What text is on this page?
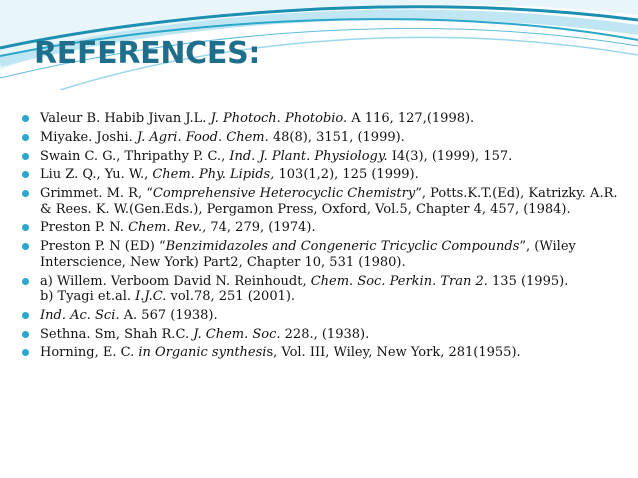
REFERENCES:
Valeur B. Habib Jivan J.L. J. Photoch. Photobio. A 116, 127,(1998).
Miyake. Joshi. J. Agri. Food. Chem. 48(8), 3151, (1999).
Swain C. G., Thripathy P. C., Ind. J. Plant. Physiology. I4(3), (1999), 157.
Liu Z. Q., Yu. W., Chem. Phy. Lipids, 103(1,2), 125 (1999).
Grimmet. M. R, “Comprehensive Heterocyclic Chemistry”, Potts.K.T.(Ed), Katrizky. A.R. & Rees. K. W.(Gen.Eds.), Pergamon Press, Oxford, Vol.5, Chapter 4, 457, (1984).
Preston P. N. Chem. Rev., 74, 279, (1974).
Preston P. N (ED) “Benzimidazoles and Congeneric Tricyclic Compounds”, (Wiley Interscience, New York) Part2, Chapter 10, 531 (1980).
a) Willem. Verboom David N. Reinhoudt, Chem. Soc. Perkin. Tran 2. 135 (1995).
b) Tyagi et.al. I.J.C. vol.78, 251 (2001).
Ind. Ac. Sci. A. 567 (1938).
Sethna. Sm, Shah R.C. J. Chem. Soc. 228., (1938).
Horning, E. C. in Organic synthesis, Vol. III, Wiley, New York, 281(1955).
